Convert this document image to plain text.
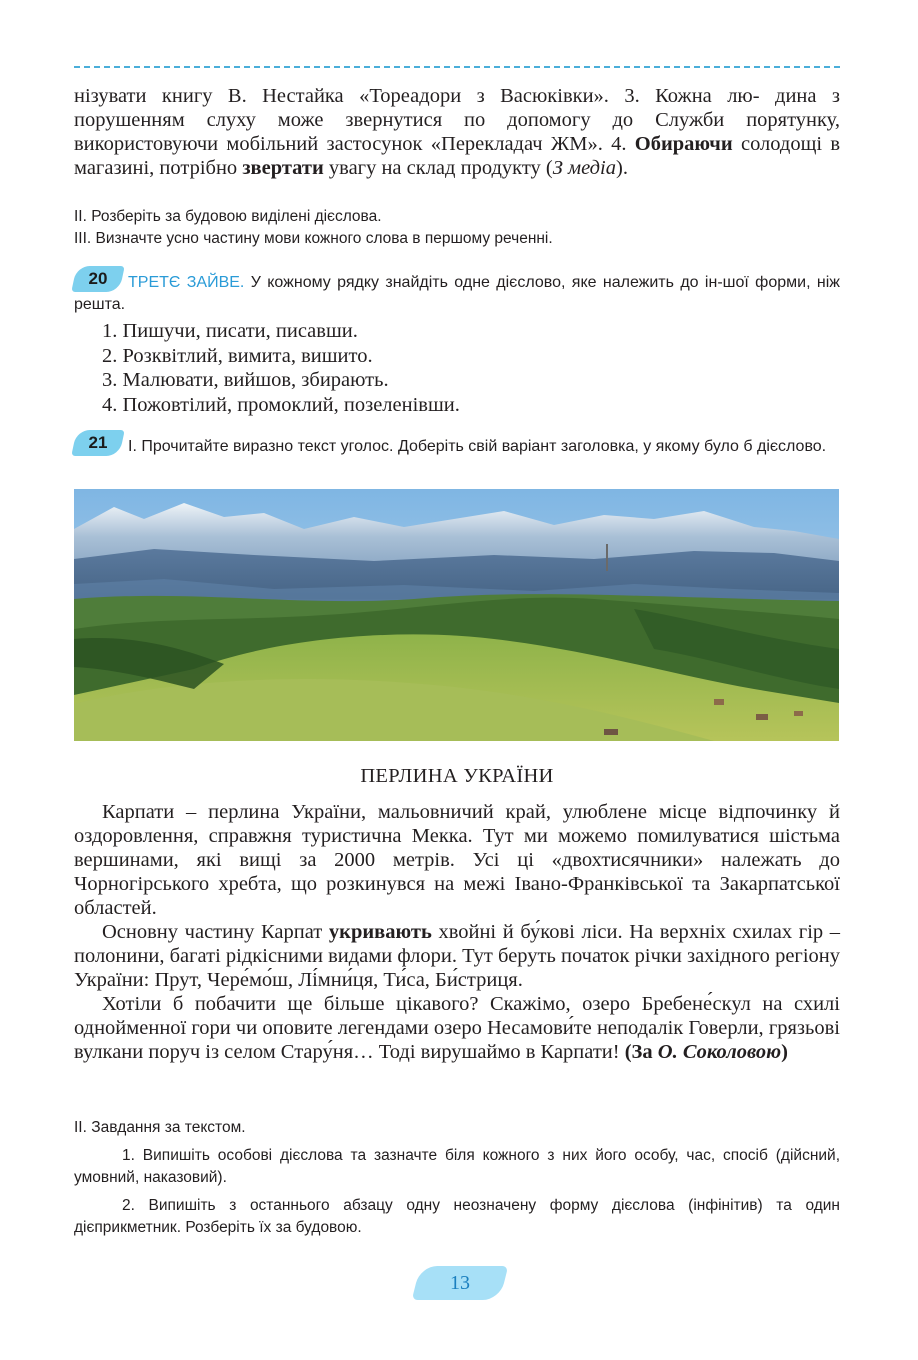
нізувати книгу В. Нестайка «Тореадори з Васюківки». 3. Кожна лю- дина з порушенням слуху може звернутися по допомогу до Служби порятунку, використовуючи мобільний застосунок «Перекладач ЖМ». 4. Обираючи солодощі в магазині, потрібно звертати увагу на склад продукту (З медіа).

II. Розберіть за будовою виділені дієслова.

III. Визначте усно частину мови кожного слова в першому реченні.

20	ТРЕТЄ ЗАЙВЕ. У кожному рядку знайдіть одне дієслово, яке належить до ін-шої форми, ніж решта.
1. Пишучи, писати, писавши.
2. Розквітлий, вимита, вишито.
3. Малювати, вийшов, збирають.
4. Пожовтілий, промоклий, позеленівши.
21	I. Прочитайте виразно текст уголос. Доберіть свій варіант заголовка, у якому було б дієслово.
ПЕРЛИНА УКРАЇНИ

Карпати – перлина України, мальовничий край, улюблене місце відпочинку й оздоровлення, справжня туристична Мекка. Тут ми можемо помилуватися шістьма вершинами, які вищі за 2000 метрів. Усі ці «двохтисячники» належать до Чорногірського хребта, що розкинувся на межі Івано-Франківської та Закарпатської областей.

Основну частину Карпат укривають хвойні й бу́кові ліси. На верхніх схилах гір – полонини, багаті рідкісними видами флори. Тут беруть початок річки західного регіону України: Прут, Чере́мо́ш, Лі́мни́ця, Ти́са, Би́стриця.

Хотіли б побачити ще більше цікавого? Скажімо, озеро Бребене́скул на схилі однойменної гори чи оповите легендами озеро Несамови́те неподалік Говерли, грязьові вулкани поруч із селом Стару́ня… Тоді вирушаймо в Карпати! (За О. Соколовою)

II. Завдання за текстом.

1. Випишіть особові дієслова та зазначте біля кожного з них його особу, час, спосіб (дійсний, умовний, наказовий).

2. Випишіть з останнього абзацу одну неозначену форму дієслова (інфінітив) та один дієприкметник. Розберіть їх за будовою.

13
